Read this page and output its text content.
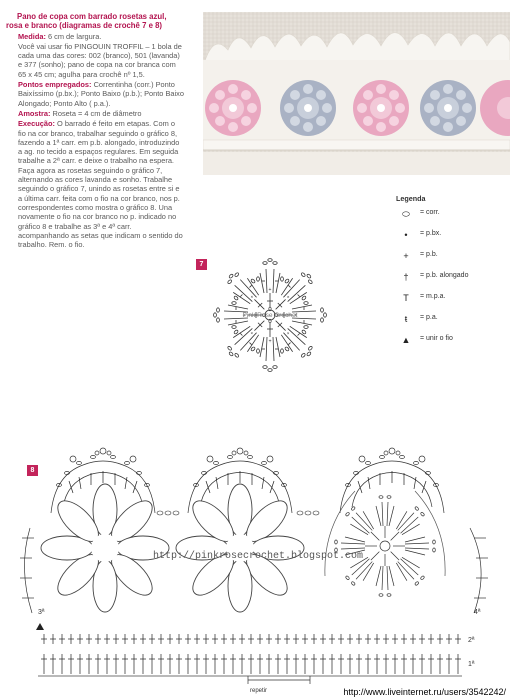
Pano de copa com barrado rosetas azul, rosa e branco (diagramas de crochê 7 e 8)
Medida: 6 cm de largura.
Você vai usar fio PINGOUIN TROFFIL – 1 bola de cada uma das cores: 002 (branco), 501 (lavanda) e 377 (sonho); pano de copa na cor branca com 65 x 45 cm; agulha para crochê nº 1,5.
Pontos empregados: Correntinha (corr.) Ponto Baixíssimo (p.bx.); Ponto Baixo (p.b.); Ponto Baixo Alongado; Ponto Alto ( p.a.).
Amostra: Roseta = 4 cm de diâmetro
Execução: O barrado é feito em etapas. Com o fio na cor branco, trabalhar seguindo o gráfico 8, fazendo a 1ª carr. em p.b. alongado, introduzindo a ag. no tecido a espaços regulares. Em seguida trabalhe a 2ª carr. e deixe o trabalho na espera. Faça agora as rosetas seguindo o gráfico 7, alternando as cores lavanda e sonho. Trabalhe seguindo o gráfico 7, unindo as rosetas entre si e a última carr. feita com o fio na cor branco, nos p. correspondentes como mostra o gráfico 8. Una novamente o fio na cor branco no p. indicado no gráfico 8 e trabalhe as 3ª e 4ª carr. acompanhando as setas que indicam o sentido do trabalho. Rem. o fio.
Legenda
⬭	= corr.
•	= p.bx.
+	= p.b.
†	= p.b. alongado
T	= m.p.a.
ŧ	= p.a.
▲	= unir o fio
7
+
Pink Rose Crochet
8
http://pinkrosecrochet.blogspot.com
3ª	4ª
2ª
1ª
repetir	http://www.liveinternet.ru/users/3542242/
